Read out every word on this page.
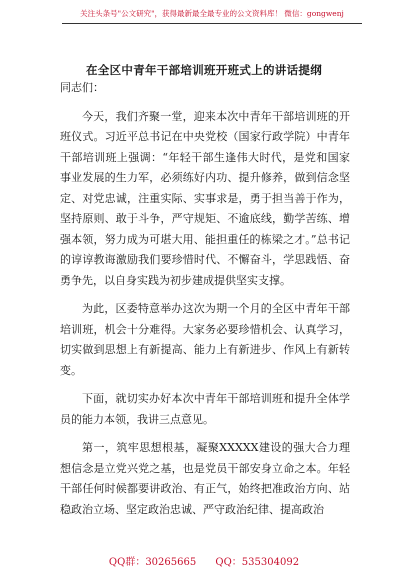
关注头条号"公文研究"，获得最新最全最专业的公文资料库！ 微信：gongwenj
在全区中青年干部培训班开班式上的讲话提纲

同志们：

今天，我们齐聚一堂，迎来本次中青年干部培训班的开班仪式。习近平总书记在中央党校（国家行政学院）中青年干部培训班上强调：“年轻干部生逢伟大时代，是党和国家事业发展的生力军，必须练好内功、提升修养，做到信念坚定、对党忠诚，注重实际、实事求是，勇于担当善于作为，坚持原则、敢于斗争，严守规矩、不逾底线，勤学苦练、增强本领，努力成为可堪大用、能担重任的栋梁之才。”总书记的谆谆教诲激励我们要珍惜时代、不懈奋斗，学思践悟、奋勇争先，以自身实践为初步建成提供坚实支撑。

为此，区委特意举办这次为期一个月的全区中青年干部培训班，机会十分难得。大家务必要珍惜机会、认真学习，切实做到思想上有新提高、能力上有新进步、作风上有新转变。

下面，就切实办好本次中青年干部培训班和提升全体学员的能力本领，我讲三点意见。

第一，筑牢思想根基，凝聚XXXXX建设的强大合力理想信念是立党兴党之基，也是党员干部安身立命之本。年轻干部任何时候都要讲政治、有正气，始终把准政治方向、站稳政治立场、坚定政治忠诚、严守政治纪律、提高政治

QQ群：30265665 QQ：535304092
